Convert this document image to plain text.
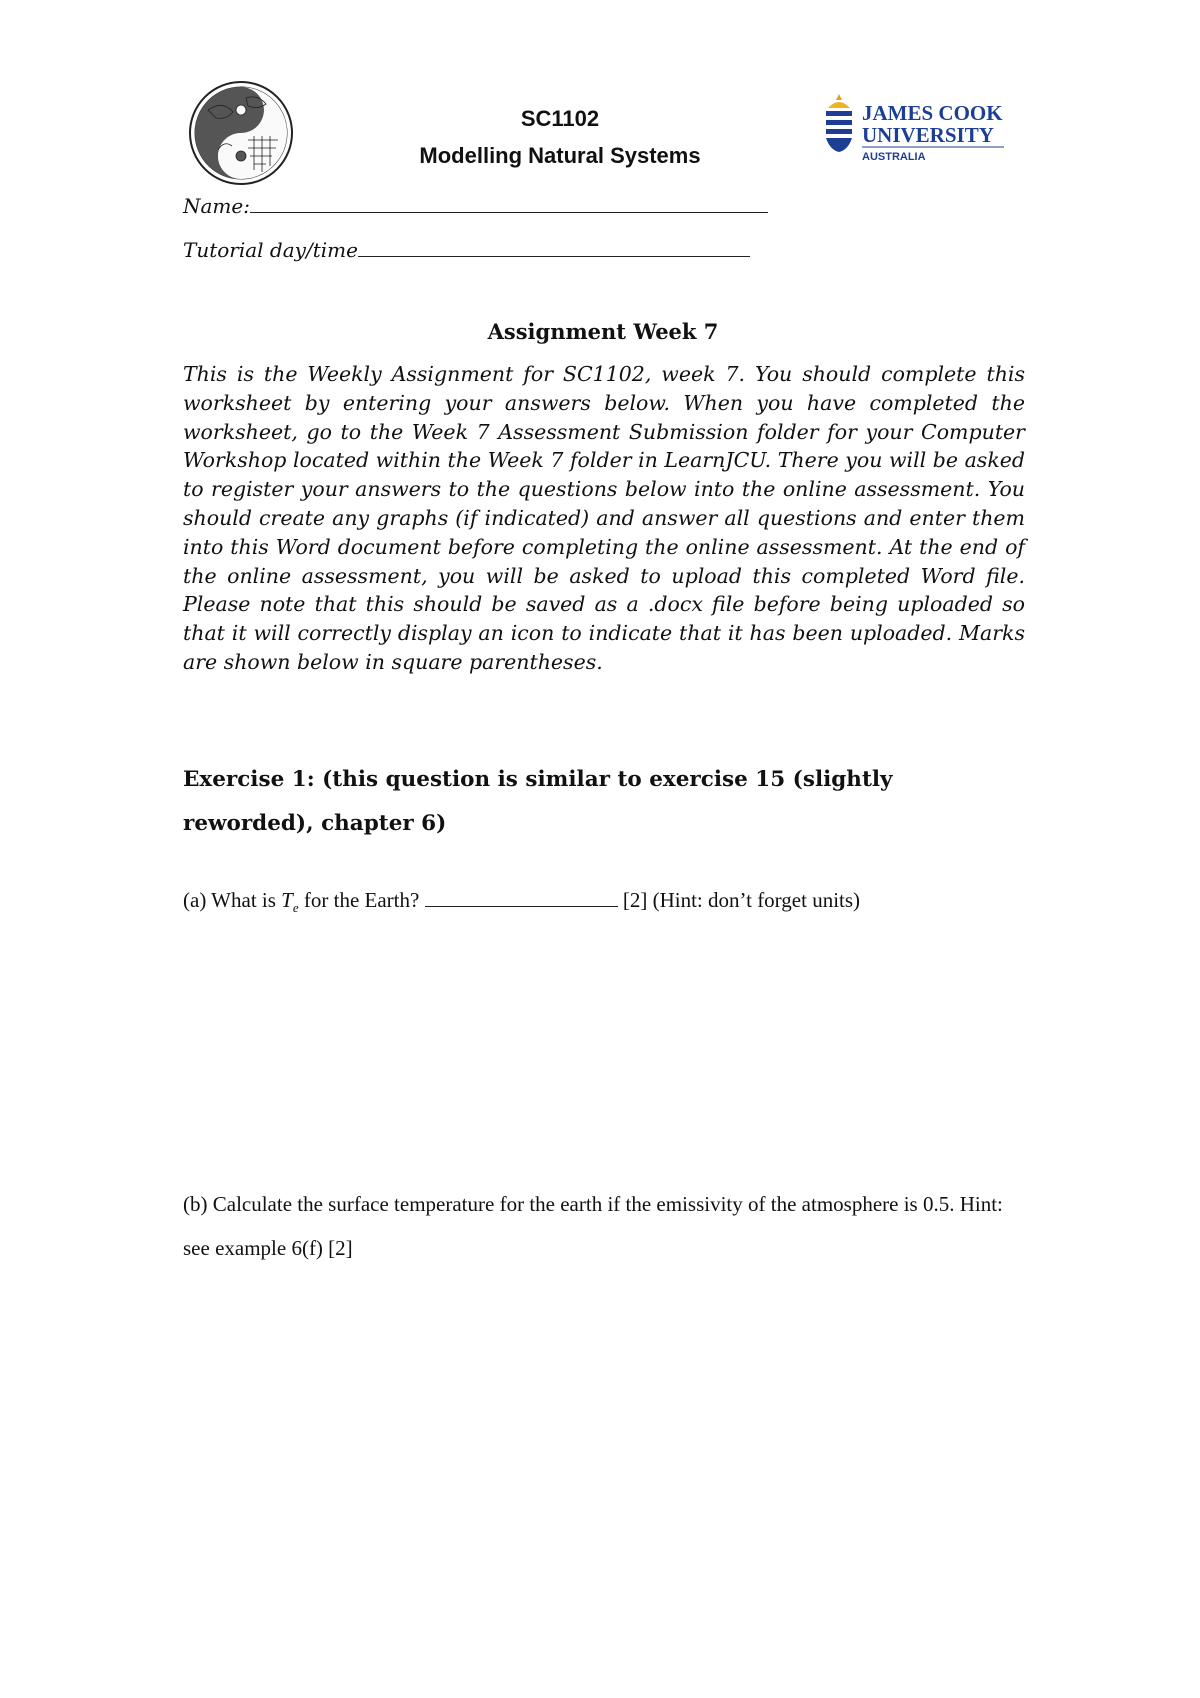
JAMES COOK
UNIVERSITY
AUSTRALIA
SC1102
Modelling Natural Systems
Name:
Tutorial day/time
Assignment Week 7

This is the Weekly Assignment for SC1102, week 7. You should complete this worksheet by entering your answers below. When you have completed the worksheet, go to the Week 7 Assessment Submission folder for your Computer Workshop located within the Week 7 folder in LearnJCU. There you will be asked to register your answers to the questions below into the online assessment. You should create any graphs (if indicated) and answer all questions and enter them into this Word document before completing the online assessment. At the end of the online assessment, you will be asked to upload this completed Word file. Please note that this should be saved as a .docx file before being uploaded so that it will correctly display an icon to indicate that it has been uploaded. Marks are shown below in square parentheses.

Exercise 1: (this question is similar to exercise 15 (slightly reworded), chapter 6)

(a) What is $T_e$ for the Earth?	[2] (Hint: don’t forget units)

(b) Calculate the surface temperature for the earth if the emissivity of the atmosphere is 0.5. Hint: see example 6(f) [2]
